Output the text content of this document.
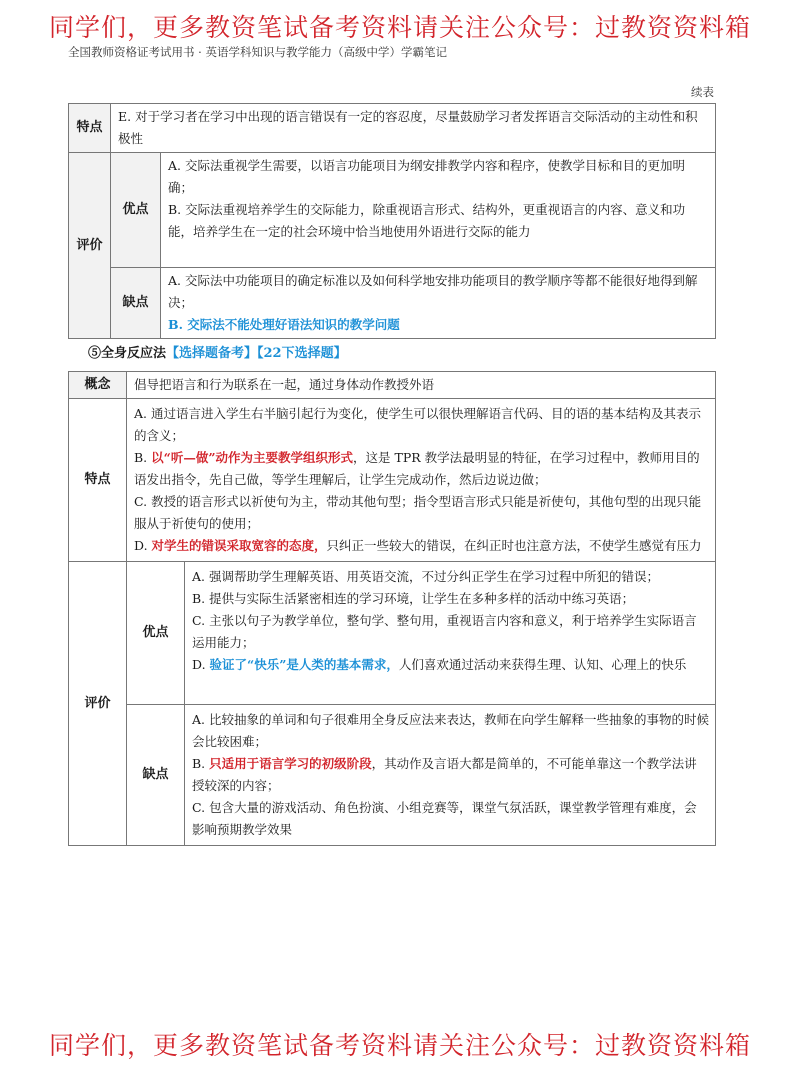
同学们，更多教资笔试备考资料请关注公众号：过教资资料箱
全国教师资格证考试用书 · 英语学科知识与教学能力（高级中学）学霸笔记
续表
特点	E. 对于学习者在学习中出现的语言错误有一定的容忍度，尽量鼓励学习者发挥语言交际活动的主动性和积极性	
评价	优点	A. 交际法重视学生需要，以语言功能项目为纲安排教学内容和程序，使教学目标和目的更加明确；
B. 交际法重视培养学生的交际能力，除重视语言形式、结构外，更重视语言的内容、意义和功能，培养学生在一定的社会环境中恰当地使用外语进行交际的能力

	缺点	A. 交际法中功能项目的确定标准以及如何科学地安排功能项目的教学顺序等都不能很好地得到解决；
B. 交际法不能处理好语法知识的教学问题
⑤全身反应法【选择题备考】【22下选择题】
概念	倡导把语言和行为联系在一起，通过身体动作教授外语	
特点	A. 通过语言进入学生右半脑引起行为变化，使学生可以很快理解语言代码、目的语的基本结构及其表示的含义；
B. 以“听—做”动作为主要教学组织形式，这是 TPR 教学法最明显的特征，在学习过程中，教师用目的语发出指令，先自己做，等学生理解后，让学生完成动作，然后边说边做；
C. 教授的语言形式以祈使句为主，带动其他句型；指令型语言形式只能是祈使句，其他句型的出现只能服从于祈使句的使用；
D. 对学生的错误采取宽容的态度，只纠正一些较大的错误，在纠正时也注意方法，不使学生感觉有压力	

评价	优点	A. 强调帮助学生理解英语、用英语交流，不过分纠正学生在学习过程中所犯的错误；
B. 提供与实际生活紧密相连的学习环境，让学生在多种多样的活动中练习英语；
C. 主张以句子为教学单位，整句学、整句用，重视语言内容和意义，利于培养学生实际语言运用能力；
D. 验证了“快乐”是人类的基本需求，人们喜欢通过活动来获得生理、认知、心理上的快乐

	缺点	A. 比较抽象的单词和句子很难用全身反应法来表达，教师在向学生解释一些抽象的事物的时候会比较困难；
B. 只适用于语言学习的初级阶段，其动作及言语大都是简单的，不可能单靠这一个教学法讲授较深的内容；
C. 包含大量的游戏活动、角色扮演、小组竞赛等，课堂气氛活跃，课堂教学管理有难度，会影响预期教学效果
同学们，更多教资笔试备考资料请关注公众号：过教资资料箱
